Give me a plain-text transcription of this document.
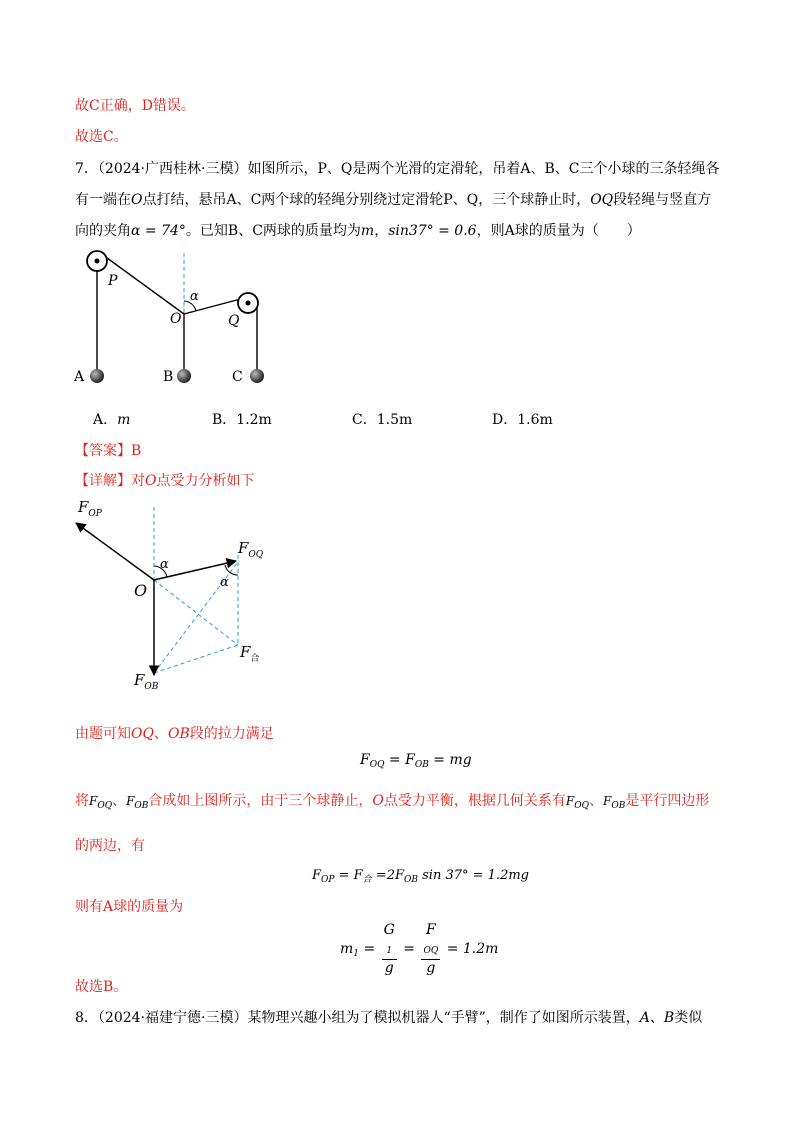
故C正确，D错误。
故选C。
7．（2024·广西桂林·三模）如图所示，P、Q是两个光滑的定滑轮，吊着A、B、C三个小球的三条轻绳各
有一端在O点打结，悬吊A、C两个球的轻绳分别绕过定滑轮P、Q，三个球静止时，OQ段轻绳与竖直方
向的夹角α = 74°。已知B、C两球的质量均为m，sin37° = 0.6，则A球的质量为（　　）
P
Q
O
α
A	B	C
A．m	B．1.2m	C．1.5m	D．1.6m
【答案】B
【详解】对O点受力分析如下
$F_{OP}$
$F_{OQ}$
$F_{OB}$
$F_合$
O
α
α
由题可知OQ、OB段的拉力满足
$F_{OQ} = F_{OB}$ = mg
将$F_{OQ}$、$F_{OB}$合成如上图所示，由于三个球静止，O点受力平衡，根据几何关系有$F_{OQ}$、$F_{OB}$是平行四边形
的两边，有
$F_{OP} = F_合 =2F_{OB}$ sin 37° = 1.2mg
则有A球的质量为
$m_1 = G$
$_1$
g = F
$_{OQ}$
g = 1.2m
故选B。
8．（2024·福建宁德·三模）某物理兴趣小组为了模拟机器人“手臂”，制作了如图所示装置，A、B类似
